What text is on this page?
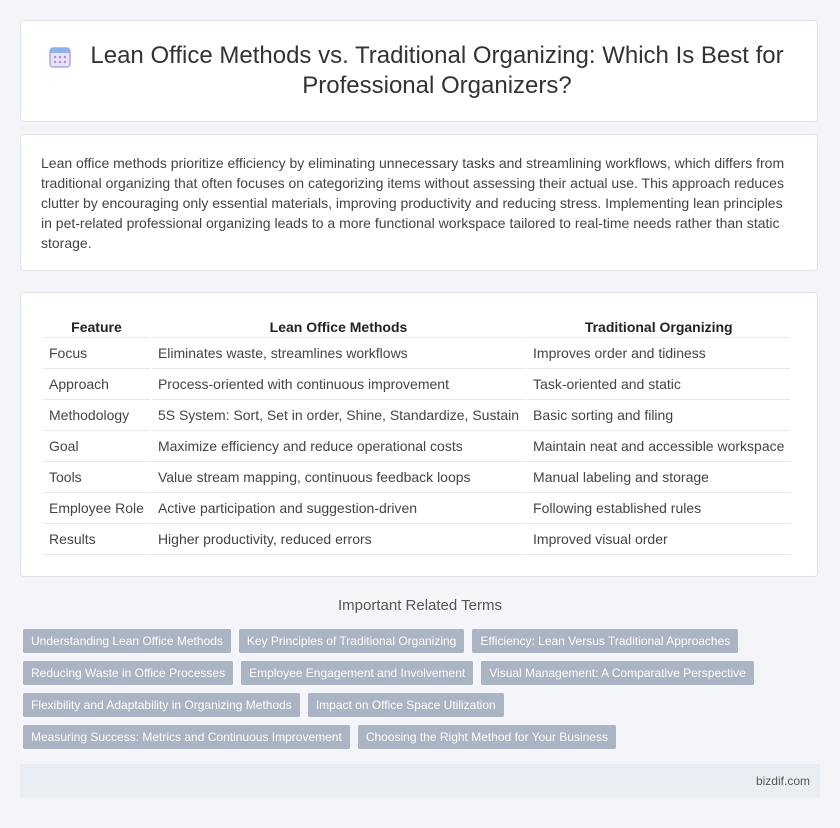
Lean Office Methods vs. Traditional Organizing: Which Is Best for Professional Organizers?

Lean office methods prioritize efficiency by eliminating unnecessary tasks and streamlining workflows, which differs from traditional organizing that often focuses on categorizing items without assessing their actual use. This approach reduces clutter by encouraging only essential materials, improving productivity and reducing stress. Implementing lean principles in pet-related professional organizing leads to a more functional workspace tailored to real-time needs rather than static storage.

Feature	Lean Office Methods	Traditional Organizing
Focus	Eliminates waste, streamlines workflows	Improves order and tidiness
Approach	Process-oriented with continuous improvement	Task-oriented and static
Methodology	5S System: Sort, Set in order, Shine, Standardize, Sustain	Basic sorting and filing
Goal	Maximize efficiency and reduce operational costs	Maintain neat and accessible workspace
Tools	Value stream mapping, continuous feedback loops	Manual labeling and storage
Employee Role	Active participation and suggestion-driven	Following established rules
Results	Higher productivity, reduced errors	Improved visual order
Important Related Terms
Understanding Lean Office Methods	Key Principles of Traditional Organizing	Efficiency: Lean Versus Traditional Approaches
Reducing Waste in Office Processes	Employee Engagement and Involvement	Visual Management: A Comparative Perspective
Flexibility and Adaptability in Organizing Methods	Impact on Office Space Utilization
Measuring Success: Metrics and Continuous Improvement	Choosing the Right Method for Your Business
bizdif.com
